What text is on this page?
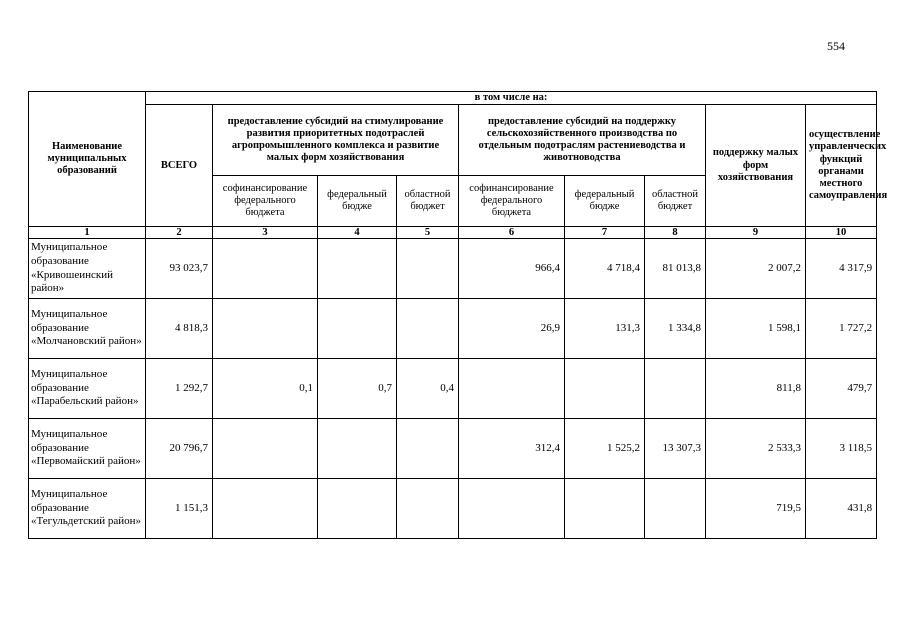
554
Наименование муниципальных образований	в том числе на:								
	ВСЕГО	предоставление субсидий на стимулирование развития приоритетных подотраслей агропромышленного комплекса и развитие малых форм хозяйствования			предоставление субсидий на поддержку сельскохозяйственного производства по отдельным подотраслям растениеводства и животноводства			поддержку малых форм хозяйствования	осуществление управленческих функций органами местного самоуправления
		софинансирование федерального бюджета	федеральный бюдже	областной бюджет	софинансирование федерального бюджета	федеральный бюдже	областной бюджет		
1	2	3	4	5	6	7	8	9	10
Муниципальное образование «Кривошеинский район»	93 023,7				966,4	4 718,4	81 013,8	2 007,2	4 317,9
Муниципальное образование «Молчановский район»	4 818,3				26,9	131,3	1 334,8	1 598,1	1 727,2
Муниципальное образование «Парабельский район»	1 292,7	0,1	0,7	0,4				811,8	479,7
Муниципальное образование «Первомайский район»	20 796,7				312,4	1 525,2	13 307,3	2 533,3	3 118,5
Муниципальное образование «Тегульдетский район»	1 151,3							719,5	431,8
